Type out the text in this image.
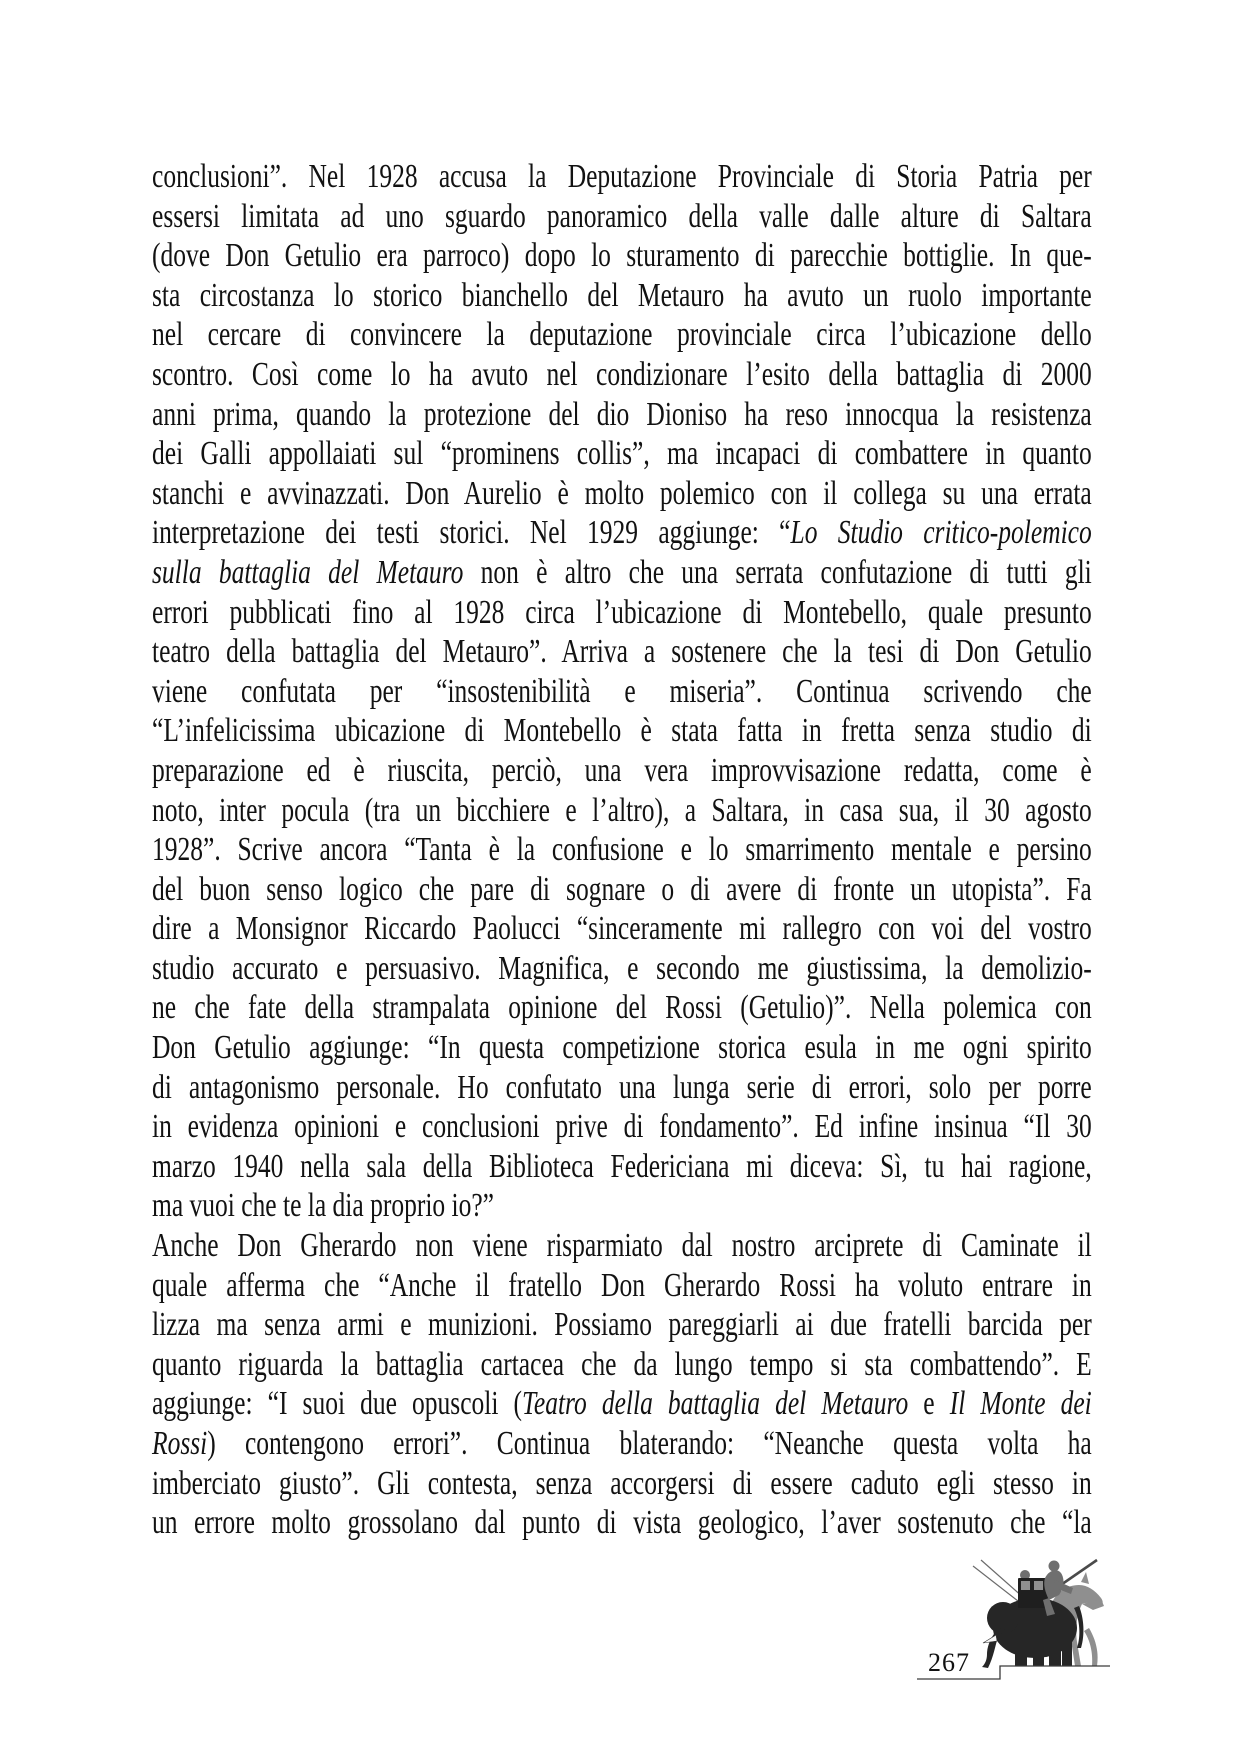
conclusioni”. Nel 1928 accusa la Deputazione Provinciale di Storia Patria per
essersi limitata ad uno sguardo panoramico della valle dalle alture di Saltara
(dove Don Getulio era parroco) dopo lo sturamento di parecchie bottiglie. In que-
sta circostanza lo storico bianchello del Metauro ha avuto un ruolo importante
nel cercare di convincere la deputazione provinciale circa l’ubicazione dello
scontro. Così come lo ha avuto nel condizionare l’esito della battaglia di 2000
anni prima, quando la protezione del dio Dioniso ha reso innocqua la resistenza
dei Galli appollaiati sul “prominens collis”, ma incapaci di combattere in quanto
stanchi e avvinazzati. Don Aurelio è molto polemico con il collega su una errata
interpretazione dei testi storici. Nel 1929 aggiunge: “Lo Studio critico-polemico
sulla battaglia del Metauro non è altro che una serrata confutazione di tutti gli
errori pubblicati fino al 1928 circa l’ubicazione di Montebello, quale presunto
teatro della battaglia del Metauro”. Arriva a sostenere che la tesi di Don Getulio
viene confutata per “insostenibilità e miseria”. Continua scrivendo che
“L’infelicissima ubicazione di Montebello è stata fatta in fretta senza studio di
preparazione ed è riuscita, perciò, una vera improvvisazione redatta, come è
noto, inter pocula (tra un bicchiere e l’altro), a Saltara, in casa sua, il 30 agosto
1928”. Scrive ancora “Tanta è la confusione e lo smarrimento mentale e persino
del buon senso logico che pare di sognare o di avere di fronte un utopista”. Fa
dire a Monsignor Riccardo Paolucci “sinceramente mi rallegro con voi del vostro
studio accurato e persuasivo. Magnifica, e secondo me giustissima, la demolizio-
ne che fate della strampalata opinione del Rossi (Getulio)”. Nella polemica con
Don Getulio aggiunge: “In questa competizione storica esula in me ogni spirito
di antagonismo personale. Ho confutato una lunga serie di errori, solo per porre
in evidenza opinioni e conclusioni prive di fondamento”. Ed infine insinua “Il 30
marzo 1940 nella sala della Biblioteca Federiciana mi diceva: Sì, tu hai ragione,
ma vuoi che te la dia proprio io?”
Anche Don Gherardo non viene risparmiato dal nostro arciprete di Caminate il
quale afferma che “Anche il fratello Don Gherardo Rossi ha voluto entrare in
lizza ma senza armi e munizioni. Possiamo pareggiarli ai due fratelli barcida per
quanto riguarda la battaglia cartacea che da lungo tempo si sta combattendo”. E
aggiunge: “I suoi due opuscoli (Teatro della battaglia del Metauro e Il Monte dei
Rossi) contengono errori”. Continua blaterando: “Neanche questa volta ha
imberciato giusto”. Gli contesta, senza accorgersi di essere caduto egli stesso in
un errore molto grossolano dal punto di vista geologico, l’aver sostenuto che “la
267
